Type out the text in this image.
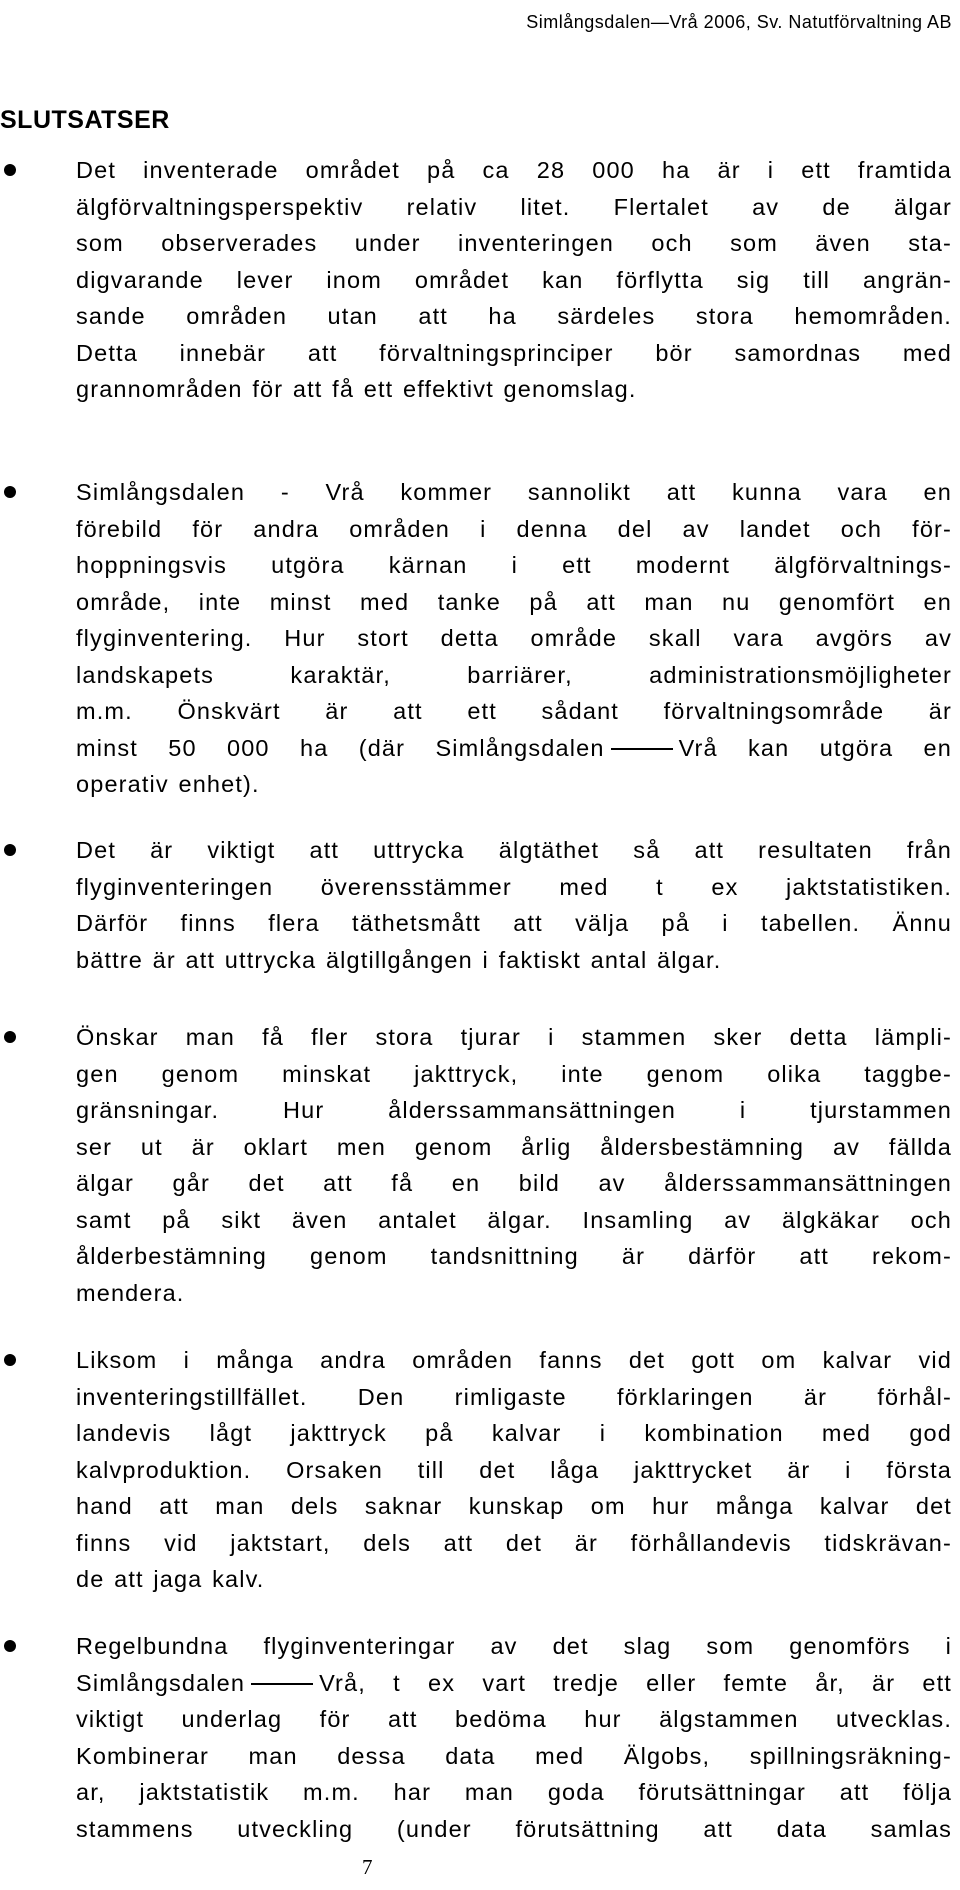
Simlångsdalen—Vrå 2006, Sv. Natutförvaltning AB
SLUTSATSER
Det inventerade området på ca 28 000 ha är i ett framtida
älgförvaltningsperspektiv relativ litet. Flertalet av de älgar
som observerades under inventeringen och som även sta-
digvarande lever inom området kan förflytta sig till angrän-
sande områden utan att ha särdeles stora hemområden.
Detta innebär att förvaltningsprinciper bör samordnas med
grannområden för att få ett effektivt genomslag.
Simlångsdalen - Vrå kommer sannolikt att kunna vara en
förebild för andra områden i denna del av landet och för-
hoppningsvis utgöra kärnan i ett modernt älgförvaltnings-
område, inte minst med tanke på att man nu genomfört en
flyginventering. Hur stort detta område skall vara avgörs av
landskapets karaktär, barriärer, administrationsmöjligheter
m.m. Önskvärt är att ett sådant förvaltningsområde är
minst 50 000 ha (där Simlångsdalen	Vrå kan utgöra en
operativ enhet).
Det är viktigt att uttrycka älgtäthet så att resultaten från
flyginventeringen överensstämmer med t ex jaktstatistiken.
Därför finns flera täthetsmått att välja på i tabellen. Ännu
bättre är att uttrycka älgtillgången i faktiskt antal älgar.
Önskar man få fler stora tjurar i stammen sker detta lämpli-
gen genom minskat jakttryck, inte genom olika taggbe-
gränsningar. Hur ålderssammansättningen i tjurstammen
ser ut är oklart men genom årlig åldersbestämning av fällda
älgar går det att få en bild av ålderssammansättningen
samt på sikt även antalet älgar. Insamling av älgkäkar och
ålderbestämning genom tandsnittning är därför att rekom-
mendera.
Liksom i många andra områden fanns det gott om kalvar vid
inventeringstillfället. Den rimligaste förklaringen är förhål-
landevis lågt jakttryck på kalvar i kombination med god
kalvproduktion. Orsaken till det låga jakttrycket är i första
hand att man dels saknar kunskap om hur många kalvar det
finns vid jaktstart, dels att det är förhållandevis tidskrävan-
de att jaga kalv.
Regelbundna flyginventeringar av det slag som genomförs i
Simlångsdalen	Vrå, t ex vart tredje eller femte år, är ett
viktigt underlag för att bedöma hur älgstammen utvecklas.
Kombinerar man dessa data med Älgobs, spillningsräkning-
ar, jaktstatistik m.m. har man goda förutsättningar att följa
stammens utveckling (under förutsättning att data samlas
7
